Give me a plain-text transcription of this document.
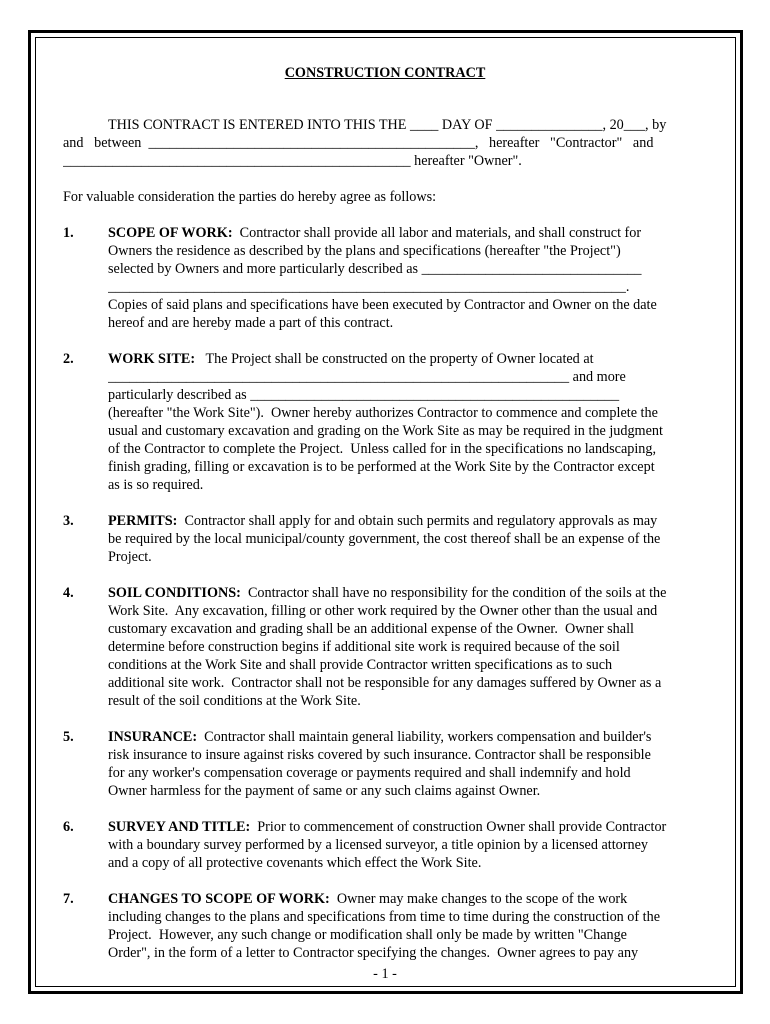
CONSTRUCTION CONTRACT

THIS CONTRACT IS ENTERED INTO THIS THE ____ DAY OF _______________, 20___, by
and   between ______________________________________________,   hereafter   "Contractor"   and
_________________________________________________ hereafter "Owner".

For valuable consideration the parties do hereby agree as follows:

1. SCOPE OF WORK:  Contractor shall provide all labor and materials, and shall construct for
Owners the residence as described by the plans and specifications (hereafter "the Project")
selected by Owners and more particularly described as _______________________________
_________________________________________________________________________.
Copies of said plans and specifications have been executed by Contractor and Owner on the date
hereof and are hereby made a part of this contract.
2. WORK SITE:   The Project shall be constructed on the property of Owner located at
_________________________________________________________________ and more
particularly described as ____________________________________________________
(hereafter "the Work Site").  Owner hereby authorizes Contractor to commence and complete the
usual and customary excavation and grading on the Work Site as may be required in the judgment
of the Contractor to complete the Project.  Unless called for in the specifications no landscaping,
finish grading, filling or excavation is to be performed at the Work Site by the Contractor except
as is so required.
3. PERMITS:  Contractor shall apply for and obtain such permits and regulatory approvals as may
be required by the local municipal/county government, the cost thereof shall be an expense of the
Project.
4. SOIL CONDITIONS:  Contractor shall have no responsibility for the condition of the soils at the
Work Site.  Any excavation, filling or other work required by the Owner other than the usual and
customary excavation and grading shall be an additional expense of the Owner.  Owner shall
determine before construction begins if additional site work is required because of the soil
conditions at the Work Site and shall provide Contractor written specifications as to such
additional site work.  Contractor shall not be responsible for any damages suffered by Owner as a
result of the soil conditions at the Work Site.
5. INSURANCE:  Contractor shall maintain general liability, workers compensation and builder's
risk insurance to insure against risks covered by such insurance. Contractor shall be responsible
for any worker's compensation coverage or payments required and shall indemnify and hold
Owner harmless for the payment of same or any such claims against Owner.
6. SURVEY AND TITLE:  Prior to commencement of construction Owner shall provide Contractor
with a boundary survey performed by a licensed surveyor, a title opinion by a licensed attorney
and a copy of all protective covenants which effect the Work Site.
7. CHANGES TO SCOPE OF WORK:  Owner may make changes to the scope of the work
including changes to the plans and specifications from time to time during the construction of the
Project.  However, any such change or modification shall only be made by written "Change
Order", in the form of a letter to Contractor specifying the changes.  Owner agrees to pay any
- 1 -
